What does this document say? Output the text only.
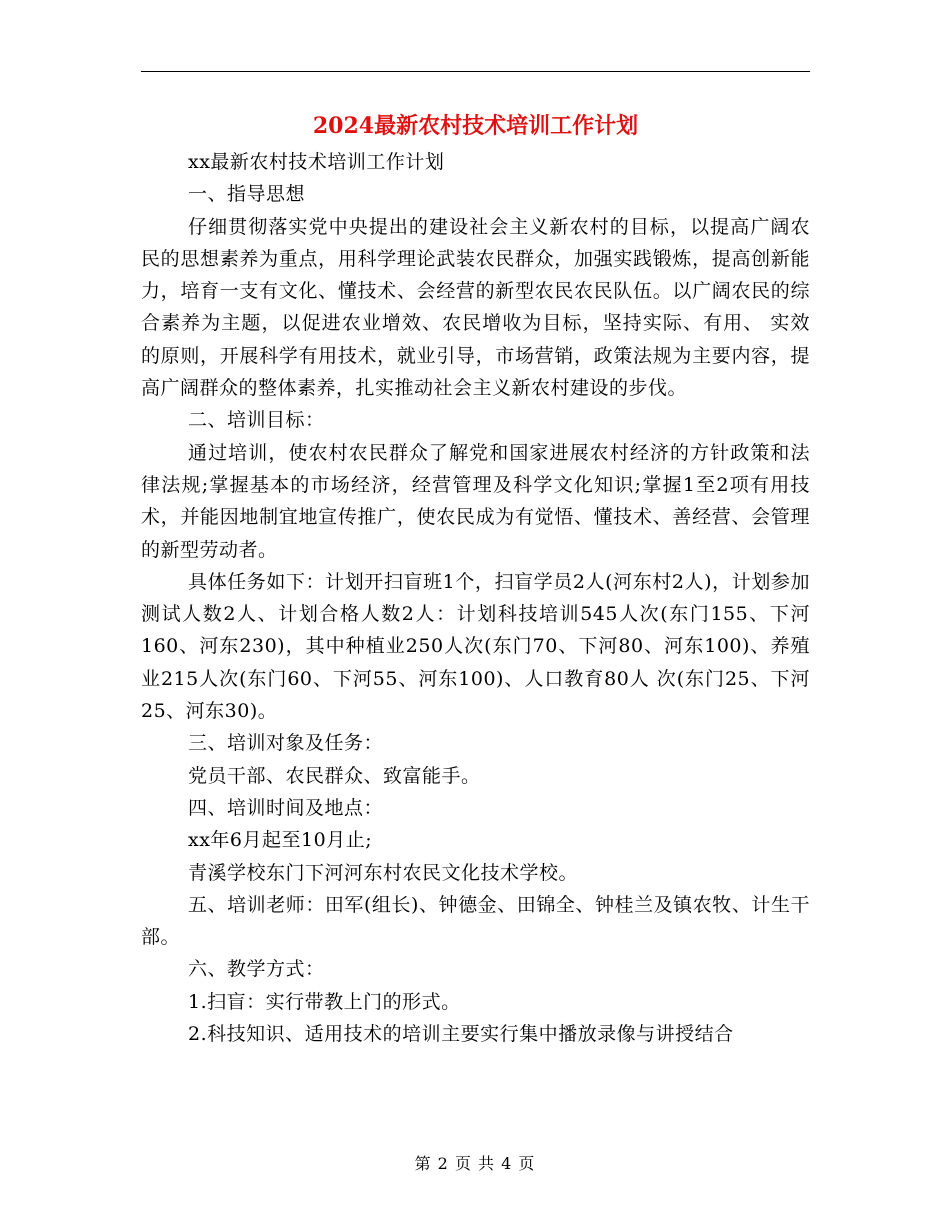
2024最新农村技术培训工作计划

xx最新农村技术培训工作计划

一、指导思想

仔细贯彻落实党中央提出的建设社会主义新农村的目标，以提高广阔农民的思想素养为重点，用科学理论武装农民群众，加强实践锻炼，提高创新能力，培育一支有文化、懂技术、会经营的新型农民农民队伍。以广阔农民的综合素养为主题，以促进农业增效、农民增收为目标，坚持实际、有用、 实效的原则，开展科学有用技术，就业引导，市场营销，政策法规为主要内容，提高广阔群众的整体素养，扎实推动社会主义新农村建设的步伐。

二、培训目标：

通过培训，使农村农民群众了解党和国家进展农村经济的方针政策和法律法规;掌握基本的市场经济，经营管理及科学文化知识;掌握1至2项有用技术，并能因地制宜地宣传推广，使农民成为有觉悟、懂技术、善经营、会管理的新型劳动者。

具体任务如下：计划开扫盲班1个，扫盲学员2人(河东村2人)，计划参加测试人数2人、计划合格人数2人：计划科技培训545人次(东门155、下河 160、河东230)，其中种植业250人次(东门70、下河80、河东100)、养殖业215人次(东门60、下河55、河东100)、人口教育80人 次(东门25、下河25、河东30)。

三、培训对象及任务：

党员干部、农民群众、致富能手。

四、培训时间及地点：

xx年6月起至10月止;

青溪学校东门下河河东村农民文化技术学校。

五、培训老师：田军(组长)、钟德金、田锦全、钟桂兰及镇农牧、计生干部。

六、教学方式：

1.扫盲：实行带教上门的形式。

2.科技知识、适用技术的培训主要实行集中播放录像与讲授结合

第 2 页 共 4 页
